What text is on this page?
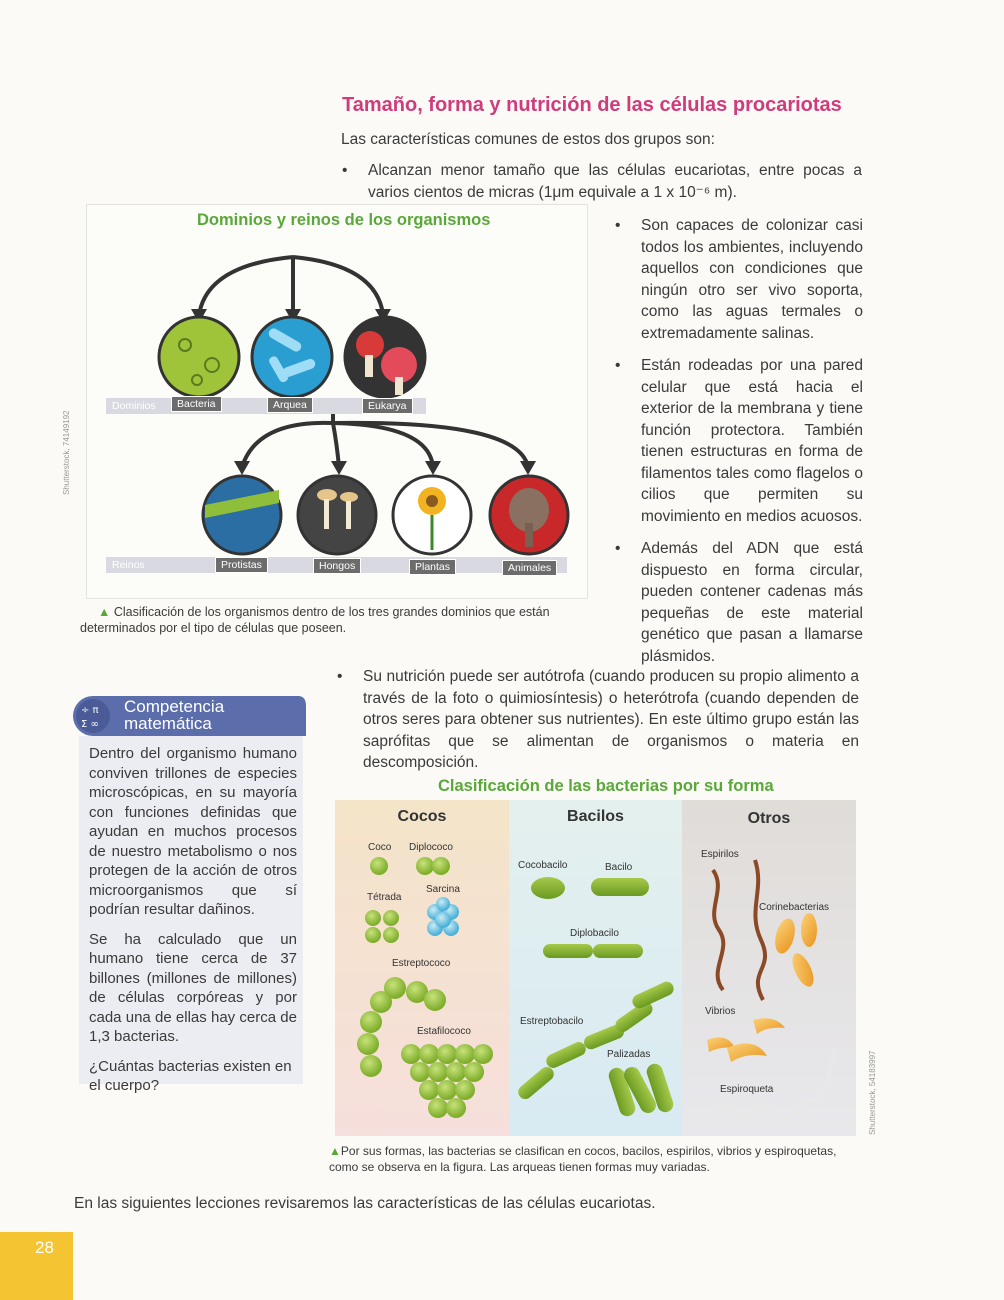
Tamaño, forma y nutrición de las células procariotas
Las características comunes de estos dos grupos son:
• Alcanzan menor tamaño que las células eucariotas, entre pocas a varios cientos de micras (1μm equivale a 1 x 10⁻⁶ m).
• Son capaces de colonizar casi todos los ambientes, incluyendo aquellos con condiciones que ningún otro ser vivo soporta, como las aguas termales o extremadamente salinas.
• Están rodeadas por una pared celular que está hacia el exterior de la membrana y tiene función protectora. También tienen estructuras en forma de filamentos tales como flagelos o cilios que permiten su movimiento en medios acuosos.
• Además del ADN que está dispuesto en forma circular, pueden contener cadenas más pequeñas de este material genético que pasan a llamarse plásmidos.
• Su nutrición puede ser autótrofa (cuando producen su propio alimento a través de la foto o quimiosíntesis) o heterótrofa (cuando dependen de otros seres para obtener sus nutrientes). En este último grupo están las saprófitas que se alimentan de organismos o materia en descomposición.
Dominios y reinos de los organismos
Dominios	Bacteria	Arquea	Eukarya
Reinos	Protistas	Hongos	Plantas	Animales
Shutterstock, 74149192
▲ Clasificación de los organismos dentro de los tres grandes dominios que están determinados por el tipo de células que poseen.
÷ π
Σ ∞
Competencia
matemática

Dentro del organismo humano conviven trillones de especies microscópicas, en su mayoría con funciones definidas que ayudan en muchos procesos de nuestro metabolismo o nos protegen de la acción de otros microorganismos que sí podrían resultar dañinos.

Se ha calculado que un humano tiene cerca de 37 billones (millones de millones) de células corpóreas y por cada una de ellas hay cerca de 1,3 bacterias.

¿Cuántas bacterias existen en el cuerpo?

Clasificación de las bacterias por su forma
Cocos	Bacilos	Otros
Coco Diplococo
Tétrada
Sarcina
Estreptococo
Estafilococo
Cocobacilo	Bacilo
Diplobacilo
Estreptobacilo
Palizadas
Espirilos
Corinebacterias
Vibrios
Espiroqueta	Shutterstock, 54183997
▲Por sus formas, las bacterias se clasifican en cocos, bacilos, espirilos, vibrios y espiroquetas, como se observa en la figura. Las arqueas tienen formas muy variadas.
En las siguientes lecciones revisaremos las características de las células eucariotas.
28
